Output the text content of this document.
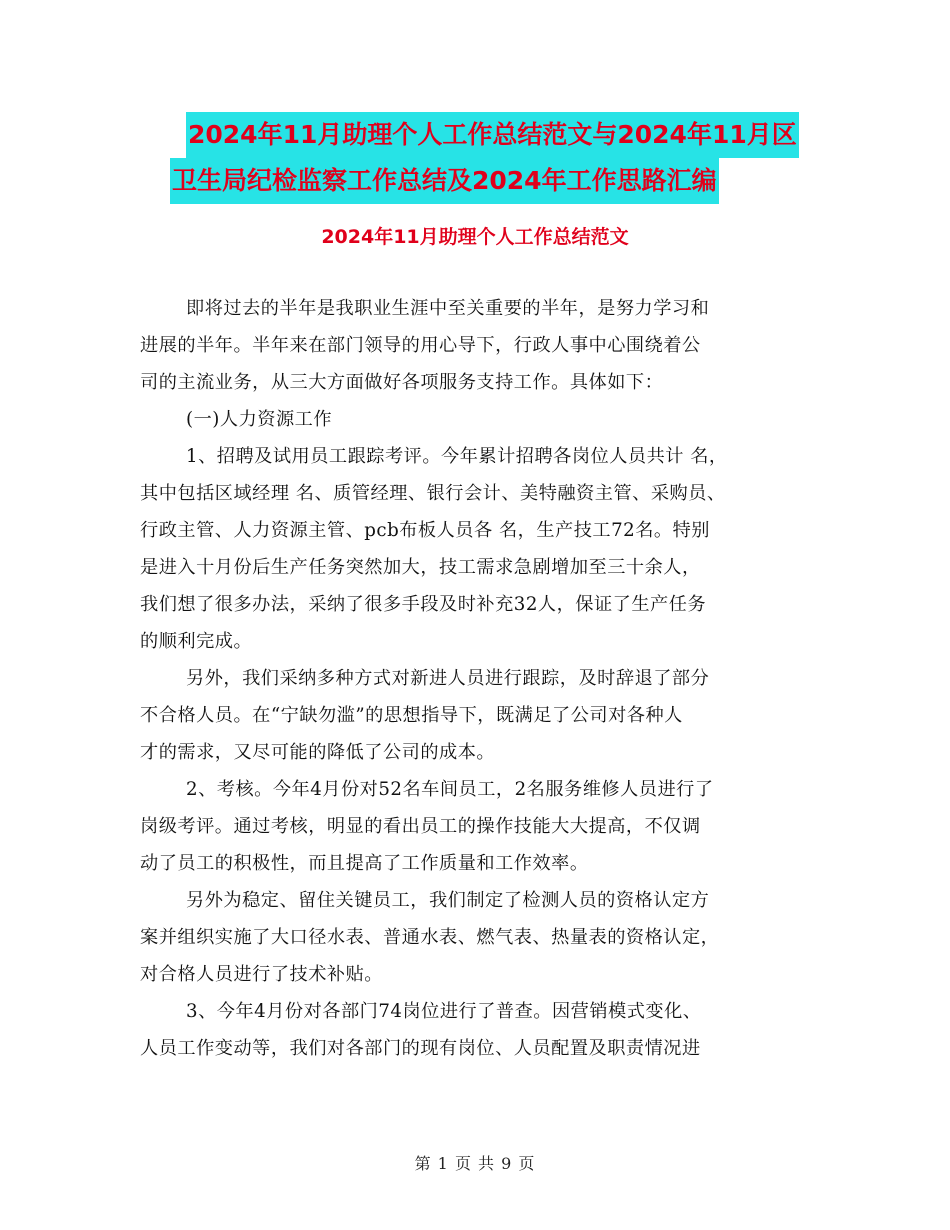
2024年11月助理个人工作总结范文与2024年11月区
卫生局纪检监察工作总结及2024年工作思路汇编
2024年11月助理个人工作总结范文
即将过去的半年是我职业生涯中至关重要的半年，是努力学习和
进展的半年。半年来在部门领导的用心导下，行政人事中心围绕着公
司的主流业务，从三大方面做好各项服务支持工作。具体如下：
(一)人力资源工作
1、招聘及试用员工跟踪考评。今年累计招聘各岗位人员共计 名，
其中包括区域经理 名、质管经理、银行会计、美特融资主管、采购员、
行政主管、人力资源主管、pcb布板人员各 名，生产技工72名。特别
是进入十月份后生产任务突然加大，技工需求急剧增加至三十余人，
我们想了很多办法，采纳了很多手段及时补充32人，保证了生产任务
的顺利完成。
另外，我们采纳多种方式对新进人员进行跟踪，及时辞退了部分
不合格人员。在“宁缺勿滥”的思想指导下，既满足了公司对各种人
才的需求，又尽可能的降低了公司的成本。
2、考核。今年4月份对52名车间员工，2名服务维修人员进行了
岗级考评。通过考核，明显的看出员工的操作技能大大提高，不仅调
动了员工的积极性，而且提高了工作质量和工作效率。
另外为稳定、留住关键员工，我们制定了检测人员的资格认定方
案并组织实施了大口径水表、普通水表、燃气表、热量表的资格认定，
对合格人员进行了技术补贴。
3、今年4月份对各部门74岗位进行了普查。因营销模式变化、
人员工作变动等，我们对各部门的现有岗位、人员配置及职责情况进
第 1 页 共 9 页
